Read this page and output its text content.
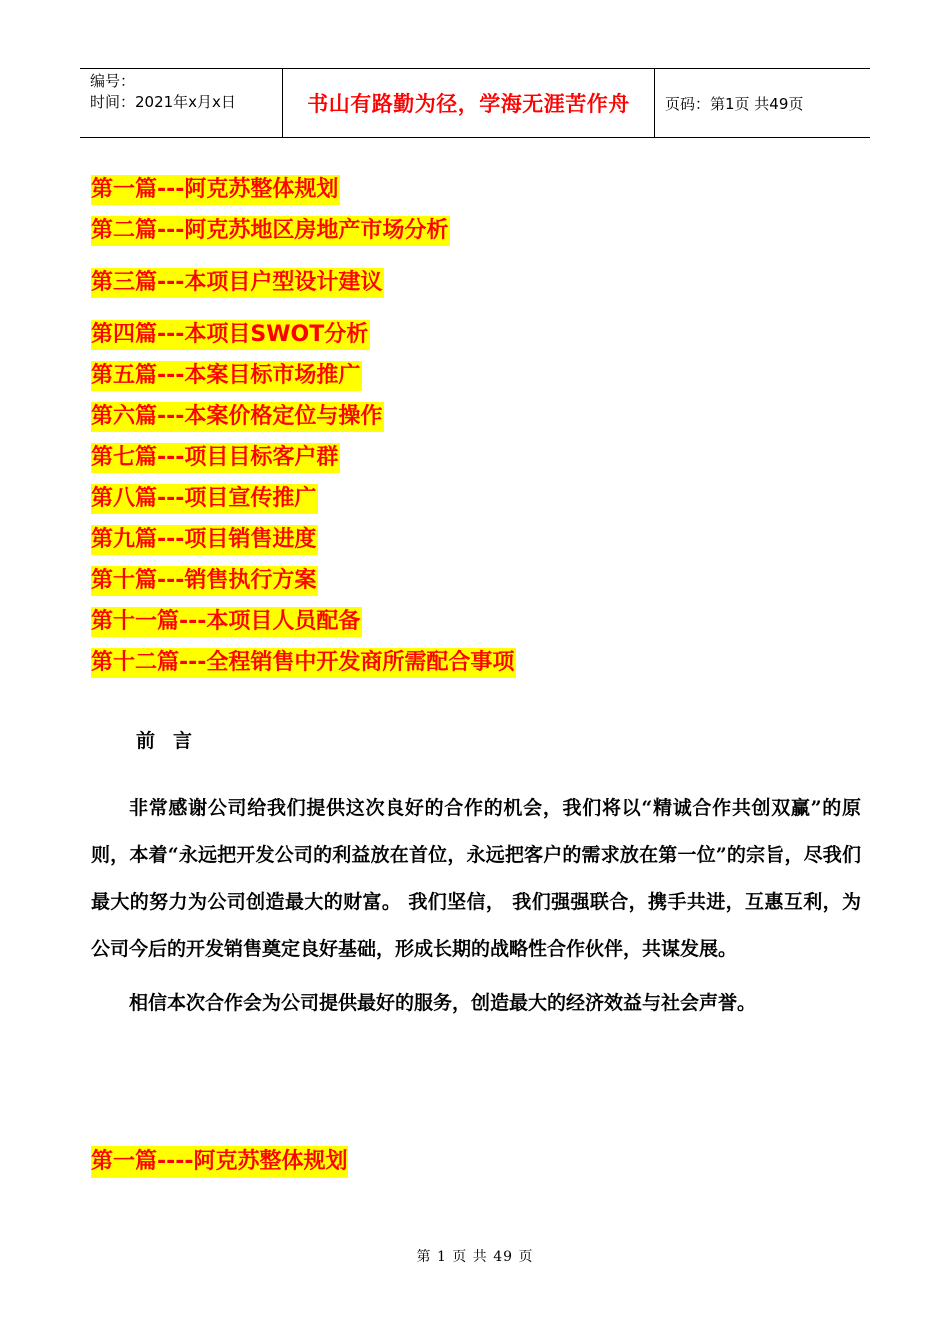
编号：
时间：2021年x月x日	书山有路勤为径，学海无涯苦作舟	页码：第1页 共49页
第一篇---阿克苏整体规划
第二篇---阿克苏地区房地产市场分析
第三篇---本项目户型设计建议
第四篇---本项目SWOT分析
第五篇---本案目标市场推广
第六篇---本案价格定位与操作
第七篇---项目目标客户群
第八篇---项目宣传推广
第九篇---项目销售进度
第十篇---销售执行方案
第十一篇---本项目人员配备
第十二篇---全程销售中开发商所需配合事项
前言

非常感谢公司给我们提供这次良好的合作的机会，我们将以“精诚合作共创双赢”的原则，本着“永远把开发公司的利益放在首位，永远把客户的需求放在第一位”的宗旨，尽我们最大的努力为公司创造最大的财富。 我们坚信， 我们强强联合，携手共进，互惠互利，为公司今后的开发销售奠定良好基础，形成长期的战略性合作伙伴，共谋发展。

相信本次合作会为公司提供最好的服务，创造最大的经济效益与社会声誉。

第一篇----阿克苏整体规划
第 1 页 共 49 页
